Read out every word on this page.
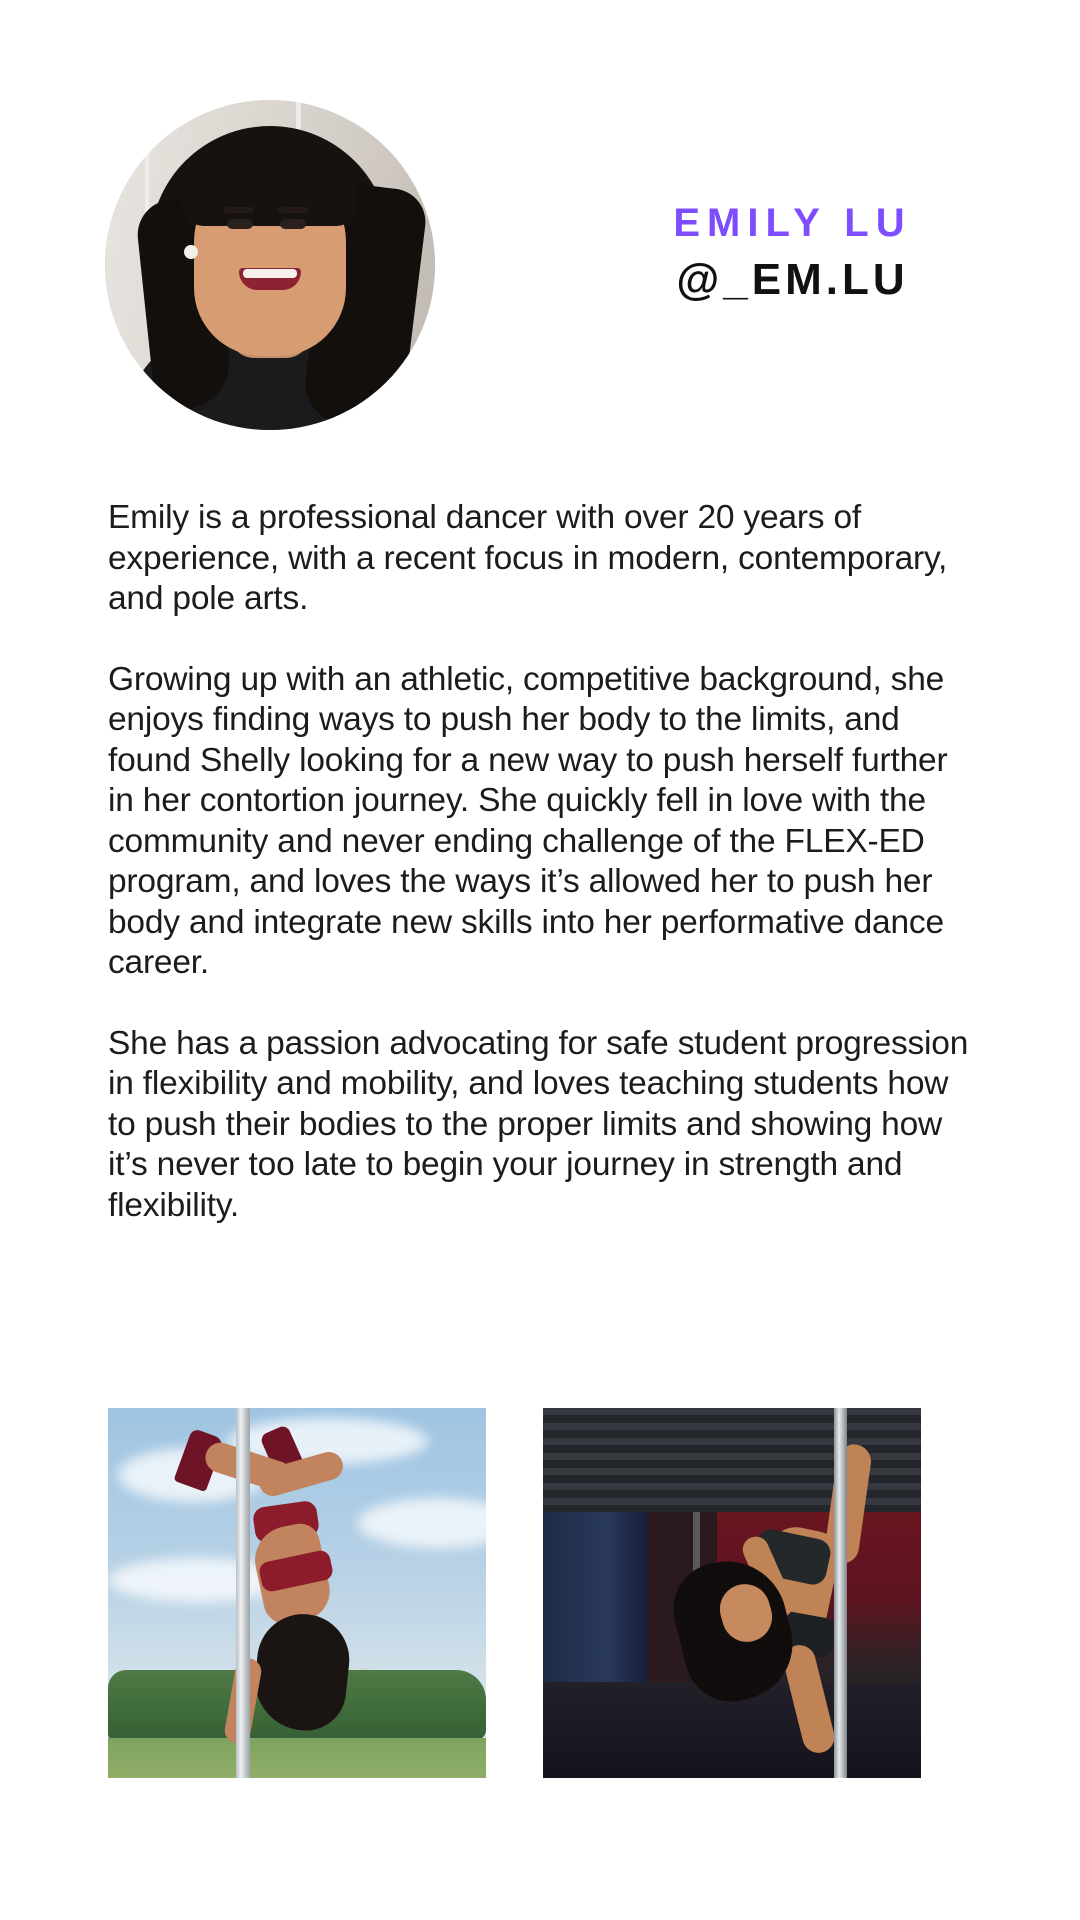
EMILY LU
@_EM.LU

Emily is a professional dancer with over 20 years of experience, with a recent focus in modern, contemporary, and pole arts.

Growing up with an athletic, competitive background, she enjoys finding ways to push her body to the limits, and found Shelly looking for a new way to push herself further in her contortion journey. She quickly fell in love with the community and never ending challenge of the FLEX-ED program, and loves the ways it’s allowed her to push her body and integrate new skills into her performative dance career.

She has a passion advocating for safe student progression in flexibility and mobility, and loves teaching students how to push their bodies to the proper limits and showing how it’s never too late to begin your journey in strength and flexibility.
